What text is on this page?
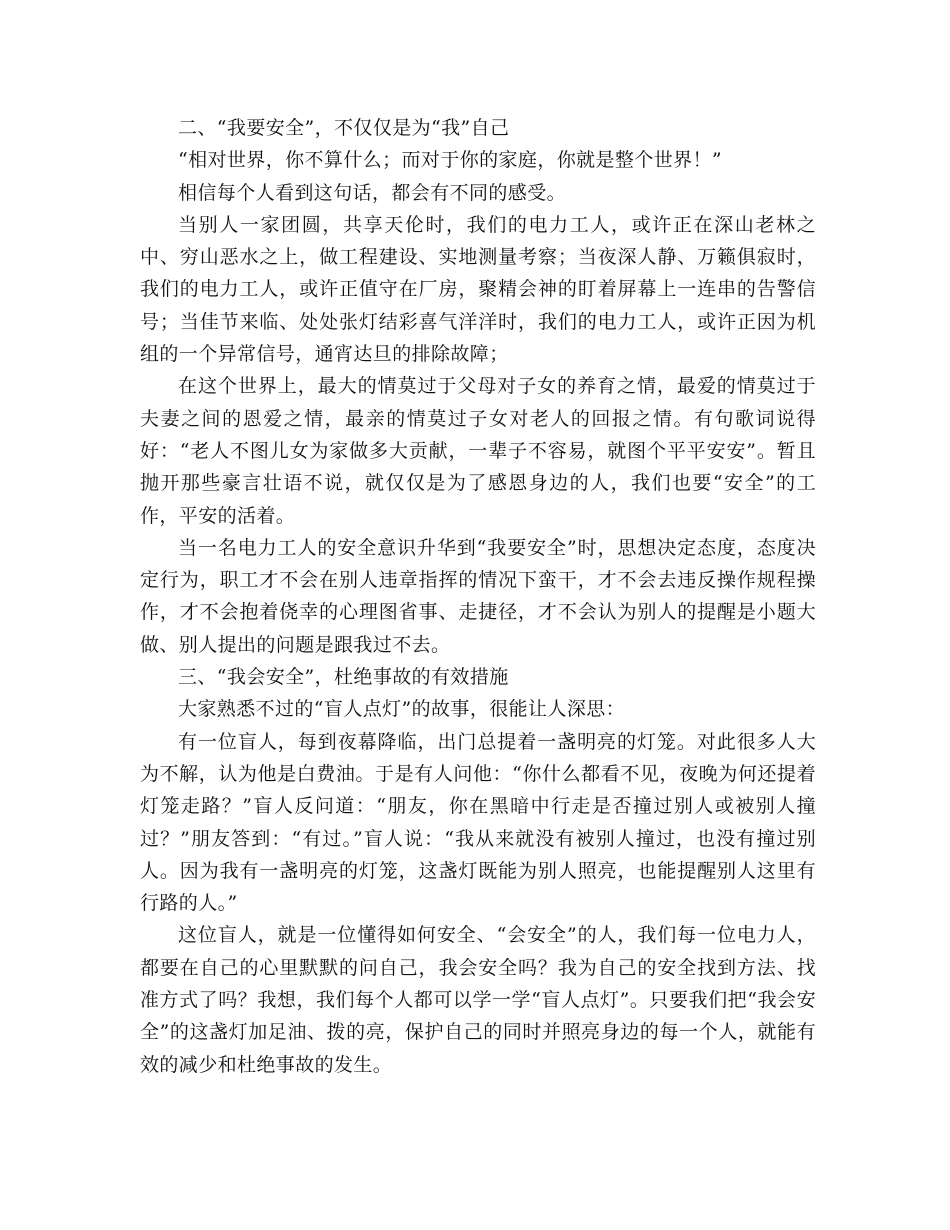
二、“我要安全”，不仅仅是为“我”自己

“相对世界，你不算什么；而对于你的家庭，你就是整个世界！”

相信每个人看到这句话，都会有不同的感受。

当别人一家团圆，共享天伦时，我们的电力工人，或许正在深山老林之中、穷山恶水之上，做工程建设、实地测量考察；当夜深人静、万籁俱寂时，我们的电力工人，或许正值守在厂房，聚精会神的盯着屏幕上一连串的告警信号；当佳节来临、处处张灯结彩喜气洋洋时，我们的电力工人，或许正因为机组的一个异常信号，通宵达旦的排除故障；

在这个世界上，最大的情莫过于父母对子女的养育之情，最爱的情莫过于夫妻之间的恩爱之情，最亲的情莫过子女对老人的回报之情。有句歌词说得好：“老人不图儿女为家做多大贡献，一辈子不容易，就图个平平安安”。暂且抛开那些豪言壮语不说，就仅仅是为了感恩身边的人，我们也要“安全”的工作，平安的活着。

当一名电力工人的安全意识升华到“我要安全”时，思想决定态度，态度决定行为，职工才不会在别人违章指挥的情况下蛮干，才不会去违反操作规程操作，才不会抱着侥幸的心理图省事、走捷径，才不会认为别人的提醒是小题大做、别人提出的问题是跟我过不去。

三、“我会安全”，杜绝事故的有效措施

大家熟悉不过的“盲人点灯”的故事，很能让人深思：

有一位盲人，每到夜幕降临，出门总提着一盏明亮的灯笼。对此很多人大为不解，认为他是白费油。于是有人问他：“你什么都看不见，夜晚为何还提着灯笼走路？”盲人反问道：“朋友，你在黑暗中行走是否撞过别人或被别人撞过？”朋友答到：“有过。”盲人说：“我从来就没有被别人撞过，也没有撞过别人。因为我有一盏明亮的灯笼，这盏灯既能为别人照亮，也能提醒别人这里有行路的人。”

这位盲人，就是一位懂得如何安全、“会安全”的人，我们每一位电力人，都要在自己的心里默默的问自己，我会安全吗？我为自己的安全找到方法、找准方式了吗？我想，我们每个人都可以学一学“盲人点灯”。只要我们把“我会安全”的这盏灯加足油、拨的亮，保护自己的同时并照亮身边的每一个人，就能有效的减少和杜绝事故的发生。
